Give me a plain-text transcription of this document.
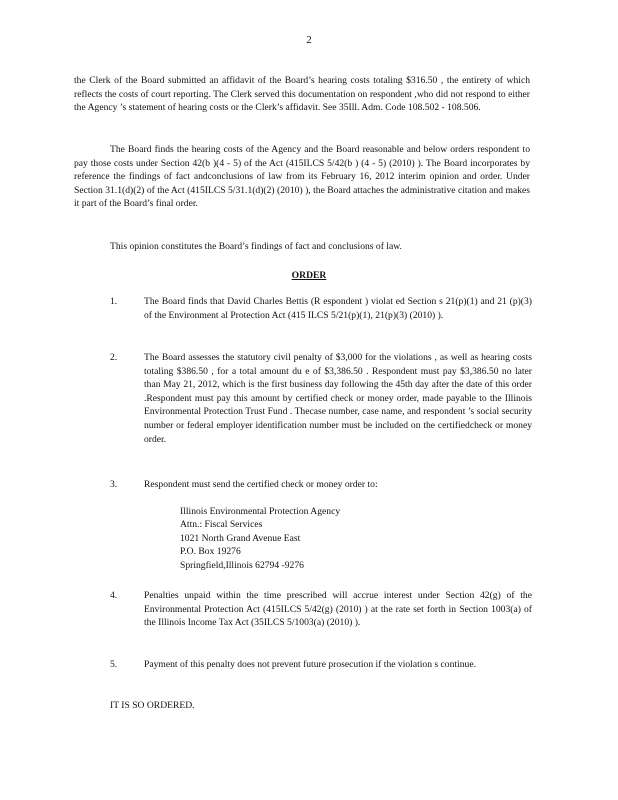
2
the Clerk of the Board submitted an affidavit of the Board’s hearing costs totaling $316.50 , the entirety of which reflects the costs of court reporting. The Clerk served this documentation on respondent ,who did not respond to either the Agency ’s statement of hearing costs or the Clerk’s affidavit. See 35Ill. Adm. Code 108.502 - 108.506.
The Board finds the hearing costs of the Agency and the Board reasonable and below orders respondent to pay those costs under Section 42(b )(4 - 5) of the Act (415ILCS 5/42(b ) (4 - 5) (2010) ). The Board incorporates by reference the findings of fact andconclusions of law from its February 16, 2012 interim opinion and order. Under Section 31.1(d)(2) of the Act (415ILCS 5/31.1(d)(2) (2010) ), the Board attaches the administrative citation and makes it part of the Board’s final order.
This opinion constitutes the Board’s findings of fact and conclusions of law.
ORDER
1.	The Board finds that David Charles Bettis (R espondent ) violat ed Section s 21(p)(1) and 21 (p)(3) of the Environment al Protection Act (415 ILCS 5/21(p)(1), 21(p)(3) (2010) ).
2.	The Board assesses the statutory civil penalty of $3,000 for the violations , as well as hearing costs totaling $386.50 , for a total amount du e of $3,386.50 . Respondent must pay $3,386.50 no later than May 21, 2012, which is the first business day following the 45th day after the date of this order .Respondent must pay this amount by certified check or money order, made payable to the Illinois Environmental Protection Trust Fund . Thecase number, case name, and respondent ’s social security number or federal employer identification number must be included on the certifiedcheck or money order.
3.	Respondent must send the certified check or money order to:
Illinois Environmental Protection Agency
Attn.: Fiscal Services
1021 North Grand Avenue East
P.O. Box 19276
Springfield,Illinois 62794 -9276
4.	Penalties unpaid within the time prescribed will accrue interest under Section 42(g) of the Environmental Protection Act (415ILCS 5/42(g) (2010) ) at the rate set forth in Section 1003(a) of the Illinois Income Tax Act (35ILCS 5/1003(a) (2010) ).
5.	Payment of this penalty does not prevent future prosecution if the violation s continue.
IT IS SO ORDERED.
